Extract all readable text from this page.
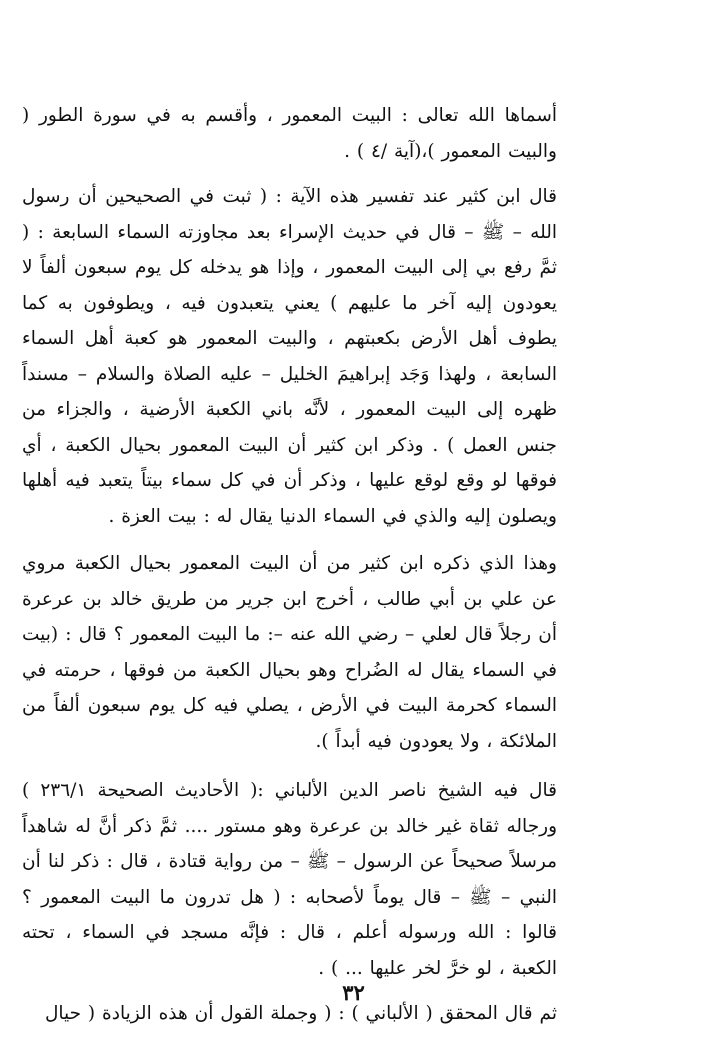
أسماها الله تعالى : البيت المعمور ، وأقسم به في سورة الطور ( والبيت المعمور )،(آية /٤ ) .

قال ابن كثير عند تفسير هذه الآية : ( ثبت في الصحيحين أن رسول الله – ﷺ – قال في حديث الإسراء بعد مجاوزته السماء السابعة : ( ثمَّ رفع بي إلى البيت المعمور ، وإذا هو يدخله كل يوم سبعون ألفاً لا يعودون إليه آخر ما عليهم ) يعني يتعبدون فيه ، ويطوفون به كما يطوف أهل الأرض بكعبتهم ، والبيت المعمور هو كعبة أهل السماء السابعة ، ولهذا وَجَد إبراهيمَ الخليل – عليه الصلاة والسلام – مسنداً ظهره إلى البيت المعمور ، لأنَّه باني الكعبة الأرضية ، والجزاء من جنس العمل ) . وذكر ابن كثير أن البيت المعمور بحيال الكعبة ، أي فوقها لو وقع لوقع عليها ، وذكر أن في كل سماء بيتاً يتعبد فيه أهلها ويصلون إليه والذي في السماء الدنيا يقال له : بيت العزة .

وهذا الذي ذكره ابن كثير من أن البيت المعمور بحيال الكعبة مروي عن علي بن أبي طالب ، أخرج ابن جرير من طريق خالد بن عرعرة أن رجلاً قال لعلي – رضي الله عنه –: ما البيت المعمور ؟ قال : (بيت في السماء يقال له الضُراح وهو بحيال الكعبة من فوقها ، حرمته في السماء كحرمة البيت في الأرض ، يصلي فيه كل يوم سبعون ألفاً من الملائكة ، ولا يعودون فيه أبداً ).

قال فيه الشيخ ناصر الدين الألباني :( الأحاديث الصحيحة ٢٣٦/١ ) ورجاله ثقاة غير خالد بن عرعرة وهو مستور .... ثمَّ ذكر أنَّ له شاهداً مرسلاً صحيحاً عن الرسول – ﷺ – من رواية قتادة ، قال : ذكر لنا أن النبي – ﷺ – قال يوماً لأصحابه : ( هل تدرون ما البيت المعمور ؟ قالوا : الله ورسوله أعلم ، قال : فإنَّه مسجد في السماء ، تحته الكعبة ، لو خرَّ لخر عليها ... ) .

ثم قال المحقق ( الألباني ) : ( وجملة القول أن هذه الزيادة ( حيال

٣٢
